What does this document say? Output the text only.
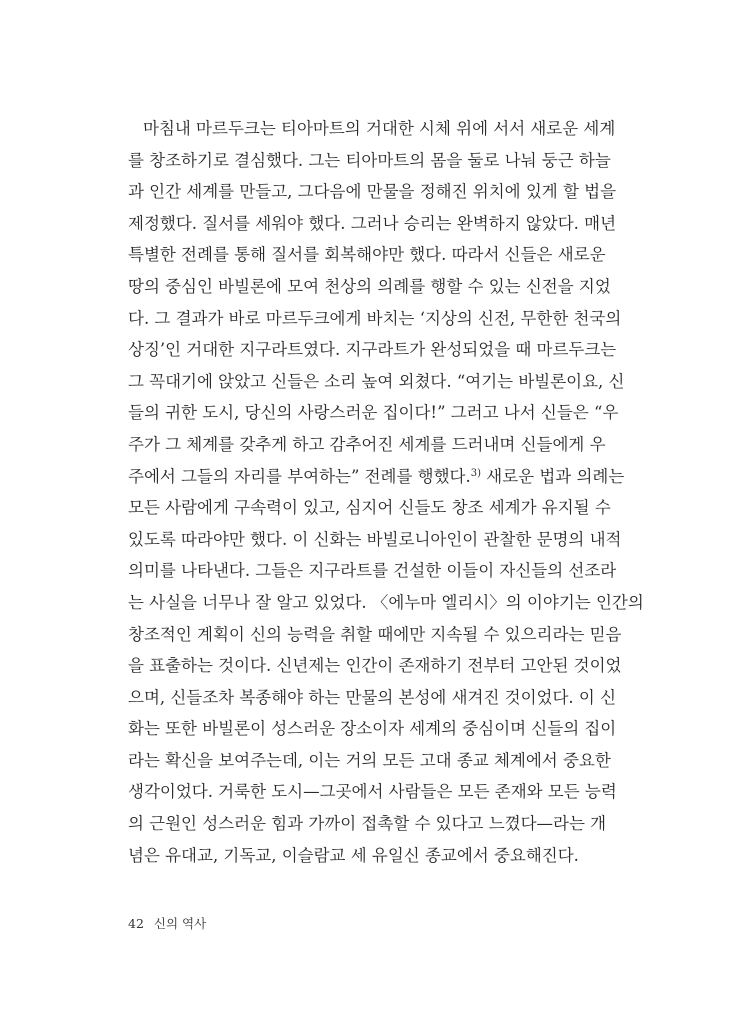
마침내 마르두크는 티아마트의 거대한 시체 위에 서서 새로운 세계
를 창조하기로 결심했다. 그는 티아마트의 몸을 둘로 나눠 둥근 하늘
과 인간 세계를 만들고, 그다음에 만물을 정해진 위치에 있게 할 법을
제정했다. 질서를 세워야 했다. 그러나 승리는 완벽하지 않았다. 매년
특별한 전례를 통해 질서를 회복해야만 했다. 따라서 신들은 새로운
땅의 중심인 바빌론에 모여 천상의 의례를 행할 수 있는 신전을 지었
다. 그 결과가 바로 마르두크에게 바치는 ‘지상의 신전, 무한한 천국의
상징’인 거대한 지구라트였다. 지구라트가 완성되었을 때 마르두크는
그 꼭대기에 앉았고 신들은 소리 높여 외쳤다. “여기는 바빌론이요, 신
들의 귀한 도시, 당신의 사랑스러운 집이다!” 그러고 나서 신들은 “우
주가 그 체계를 갖추게 하고 감추어진 세계를 드러내며 신들에게 우
주에서 그들의 자리를 부여하는” 전례를 행했다.$^{3)}$ 새로운 법과 의례는
모든 사람에게 구속력이 있고, 심지어 신들도 창조 세계가 유지될 수
있도록 따라야만 했다. 이 신화는 바빌로니아인이 관찰한 문명의 내적
의미를 나타낸다. 그들은 지구라트를 건설한 이들이 자신들의 선조라
는 사실을 너무나 잘 알고 있었다. 〈에누마 엘리시〉의 이야기는 인간의
창조적인 계획이 신의 능력을 취할 때에만 지속될 수 있으리라는 믿음
을 표출하는 것이다. 신년제는 인간이 존재하기 전부터 고안된 것이었
으며, 신들조차 복종해야 하는 만물의 본성에 새겨진 것이었다. 이 신
화는 또한 바빌론이 성스러운 장소이자 세계의 중심이며 신들의 집이
라는 확신을 보여주는데, 이는 거의 모든 고대 종교 체계에서 중요한
생각이었다. 거룩한 도시—그곳에서 사람들은 모든 존재와 모든 능력
의 근원인 성스러운 힘과 가까이 접촉할 수 있다고 느꼈다—라는 개
념은 유대교, 기독교, 이슬람교 세 유일신 종교에서 중요해진다.
42 신의 역사
